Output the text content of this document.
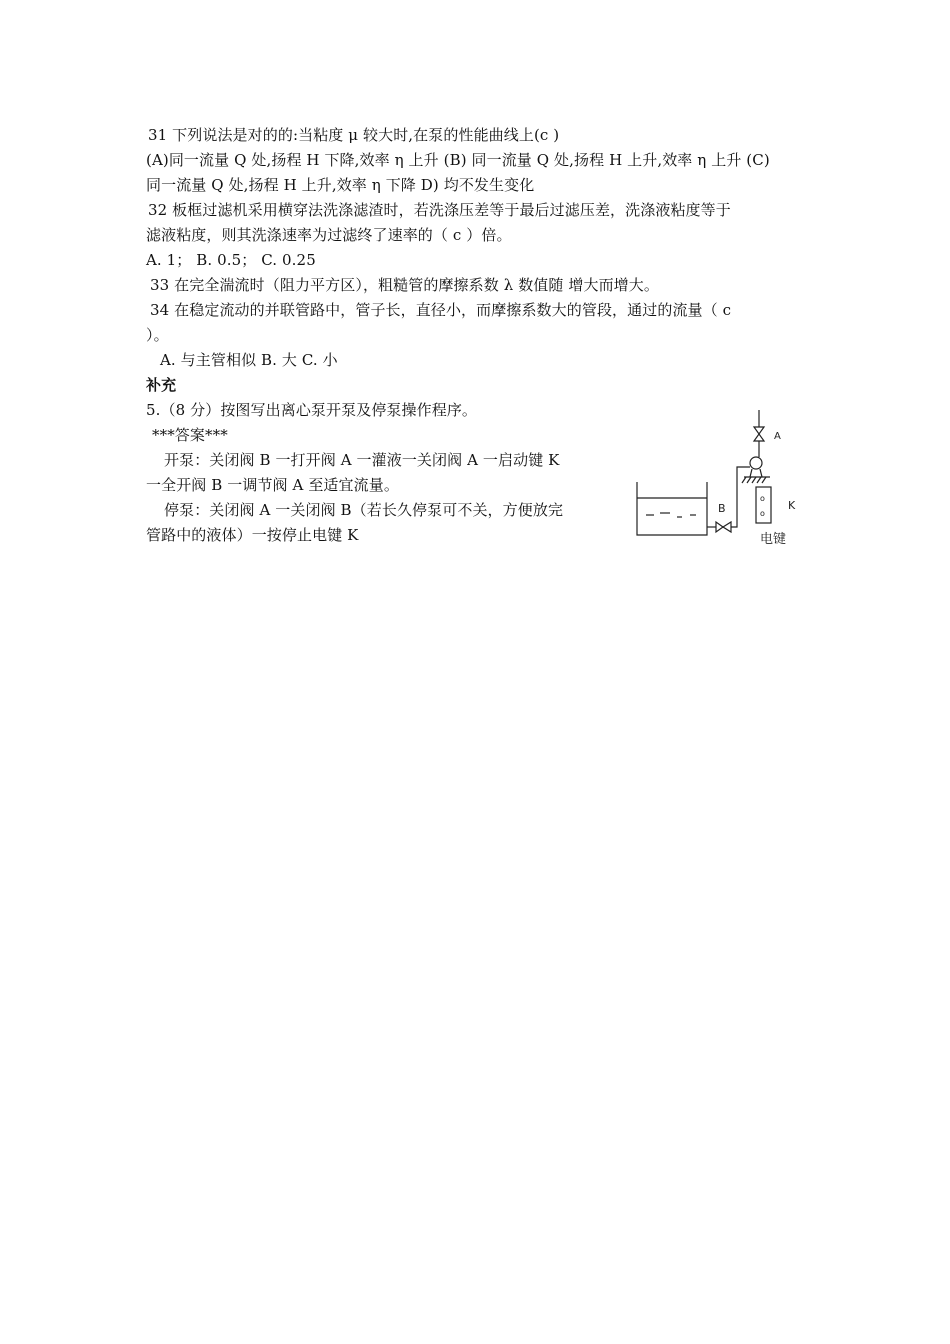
31 下列说法是对的的:当粘度 μ 较大时,在泵的性能曲线上(c )
(A)同一流量 Q 处,扬程 H 下降,效率 η 上升 (B) 同一流量 Q 处,扬程 H 上升,效率 η 上升 (C)
同一流量 Q 处,扬程 H 上升,效率 η 下降 D) 均不发生变化
32 板框过滤机采用横穿法洗涤滤渣时，若洗涤压差等于最后过滤压差，洗涤液粘度等于
滤液粘度，则其洗涤速率为过滤终了速率的（ c ）倍。
A. 1； B. 0.5； C. 0.25
33 在完全湍流时（阻力平方区），粗糙管的摩擦系数 λ 数值随 增大而增大。
34 在稳定流动的并联管路中，管子长，直径小，而摩擦系数大的管段，通过的流量（ c
）。
A. 与主管相似 B. 大 C. 小
补充
5.（8 分）按图写出离心泵开泵及停泵操作程序。
***答案***
开泵：关闭阀 B 一打开阀 A 一灌液一关闭阀 A 一启动键 K
一全开阀 B 一调节阀 A 至适宜流量。
停泵：关闭阀 A 一关闭阀 B（若长久停泵可不关，方便放完
管路中的液体）一按停止电键 K
B
A
o
o
K
电键
